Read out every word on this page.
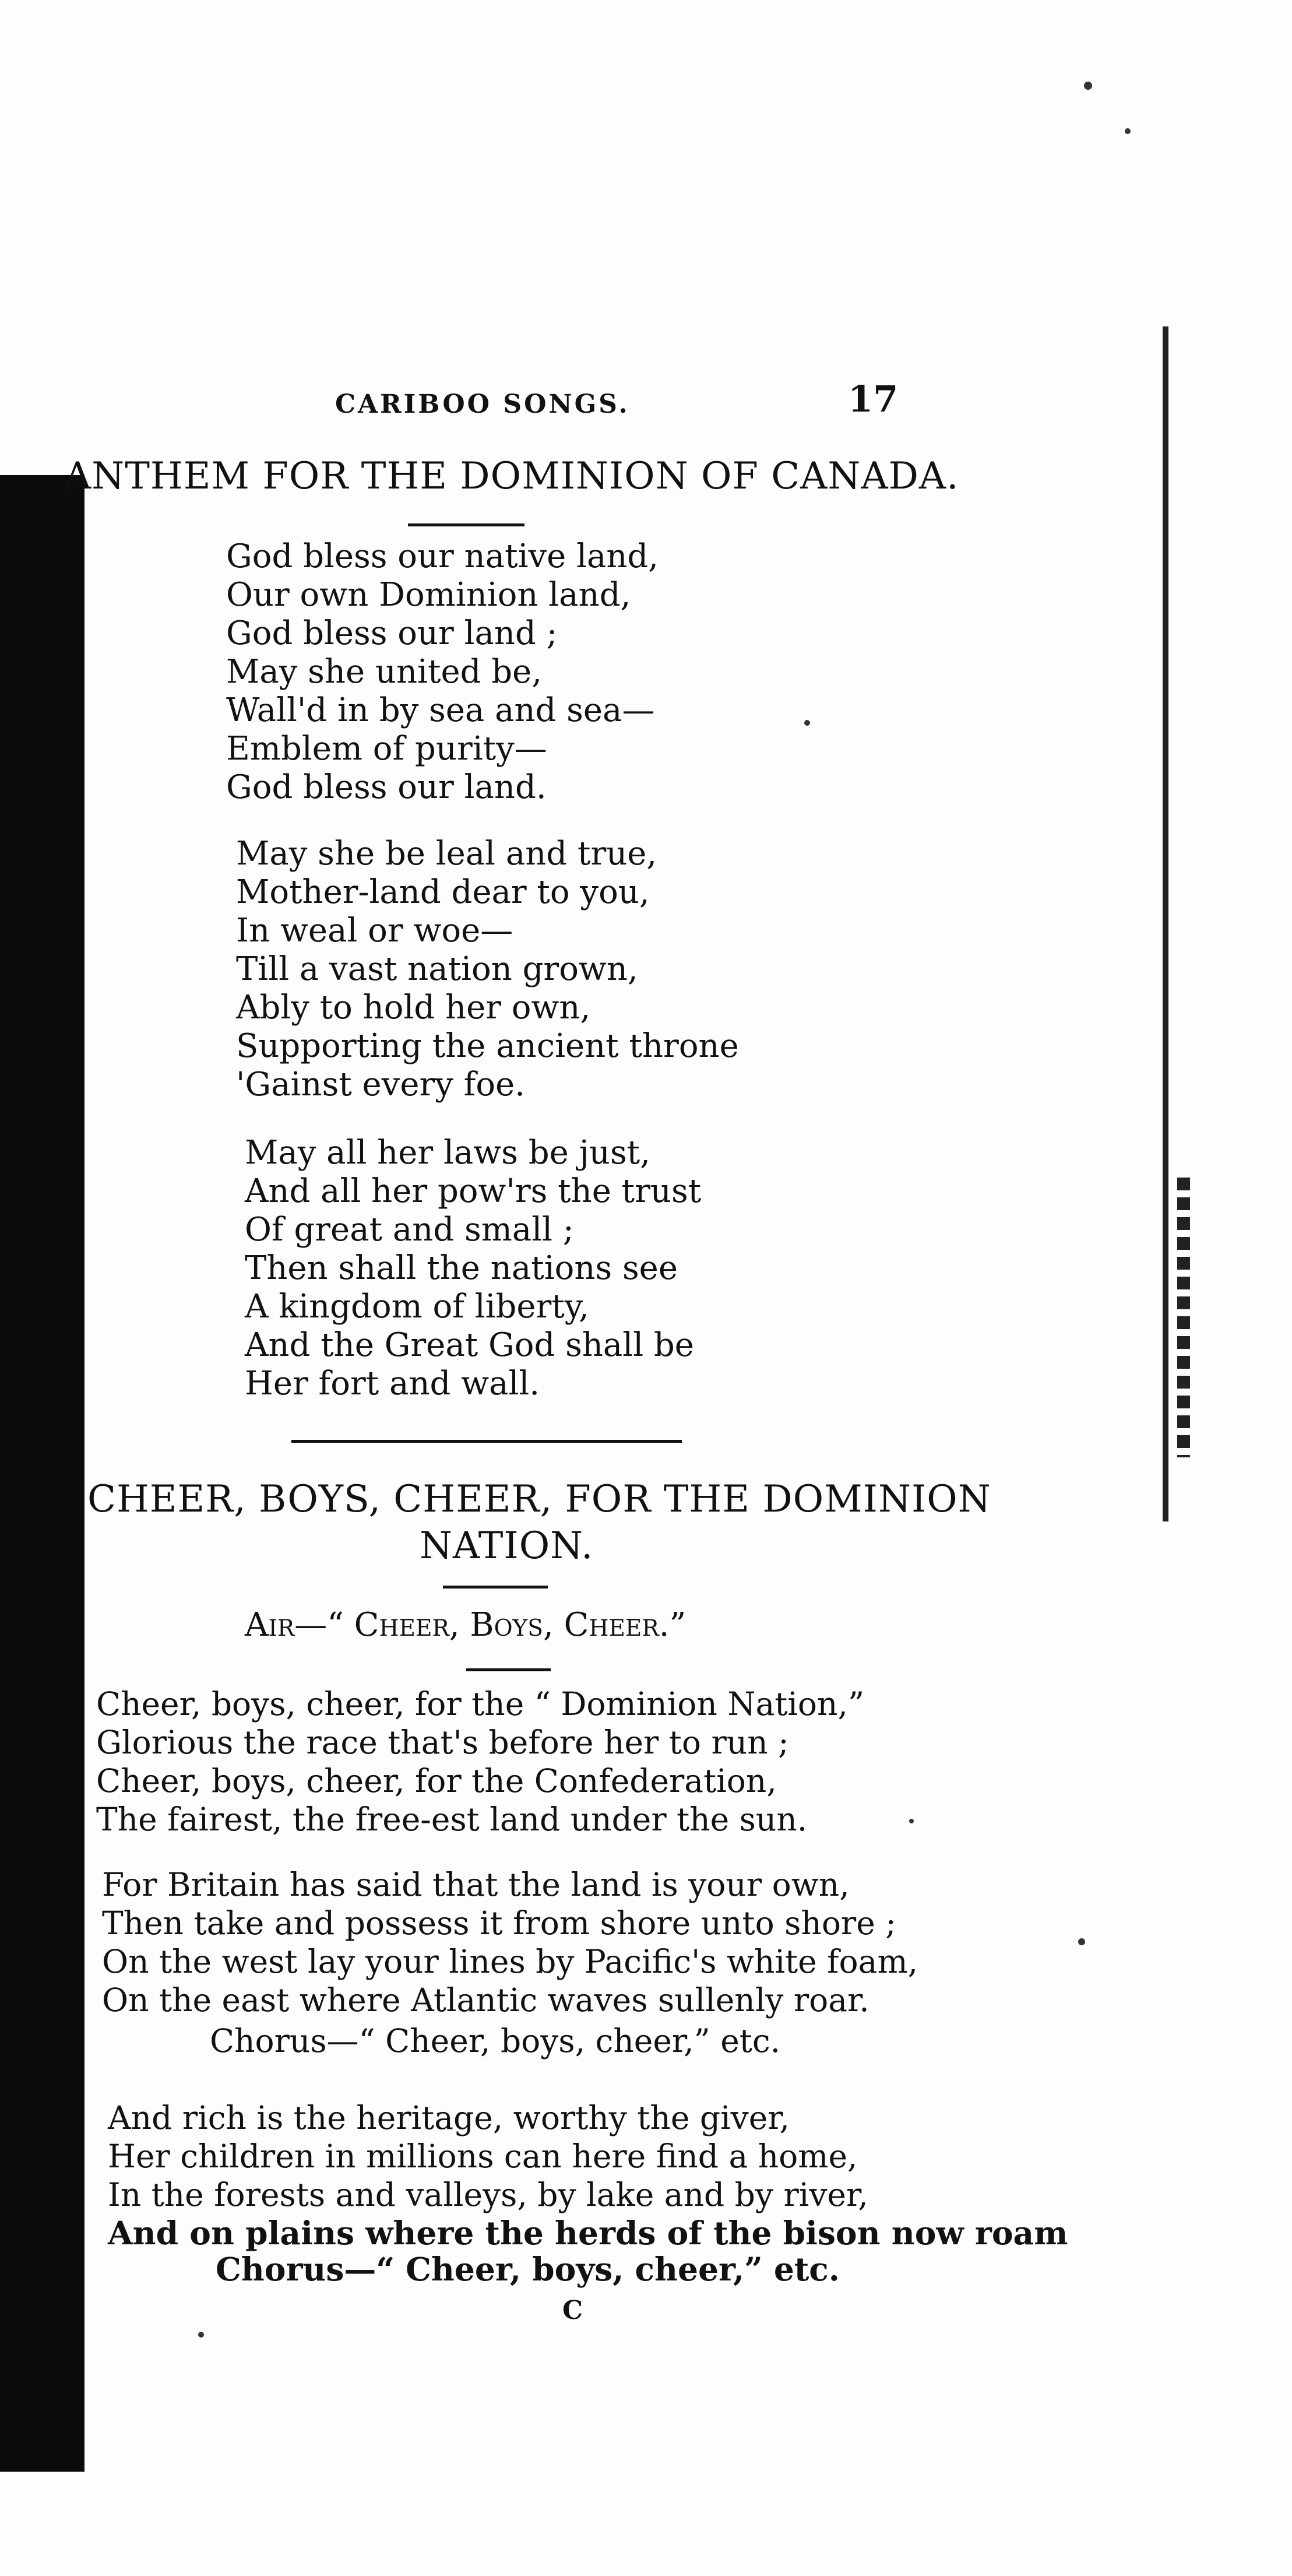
CARIBOO SONGS.	17
ANTHEM FOR THE DOMINION OF CANADA.
God bless our native land,
Our own Dominion land,
God bless our land ;
May she united be,
Wall'd in by sea and sea—
Emblem of purity—
God bless our land.
May she be leal and true,
Mother-land dear to you,
In weal or woe—
Till a vast nation grown,
Ably to hold her own,
Supporting the ancient throne
'Gainst every foe.
May all her laws be just,
And all her pow'rs the trust
Of great and small ;
Then shall the nations see
A kingdom of liberty,
And the Great God shall be
Her fort and wall.
CHEER, BOYS, CHEER, FOR THE DOMINION
NATION.
Air—“ Cheer, Boys, Cheer.”
Cheer, boys, cheer, for the “ Dominion Nation,”
Glorious the race that's before her to run ;
Cheer, boys, cheer, for the Confederation,
The fairest, the free-est land under the sun.
For Britain has said that the land is your own,
Then take and possess it from shore unto shore ;
On the west lay your lines by Pacific's white foam,
On the east where Atlantic waves sullenly roar.
Chorus—“ Cheer, boys, cheer,” etc.
And rich is the heritage, worthy the giver,
Her children in millions can here find a home,
In the forests and valleys, by lake and by river,
And on plains where the herds of the bison now roam
Chorus—“ Cheer, boys, cheer,” etc.
C
